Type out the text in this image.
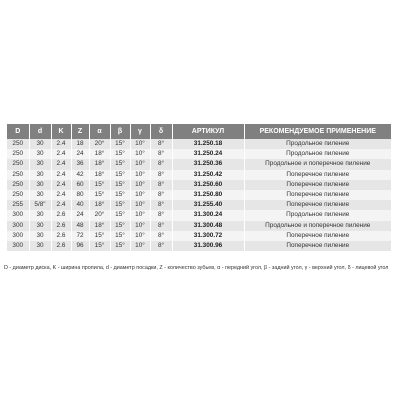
D	d	K	Z	α	β	γ	δ	АРТИКУЛ	РЕКОМЕНДУЕМОЕ ПРИМЕНЕНИЕ
250	30	2.4	18	20°	15°	10°	8°	31.250.18	Продольное пиление
250	30	2.4	24	18°	15°	10°	8°	31.250.24	Продольное пиление
250	30	2.4	36	18°	15°	10°	8°	31.250.36	Продольное и поперечное пиление
250	30	2.4	42	18°	15°	10°	8°	31.250.42	Поперечное пиление
250	30	2.4	60	15°	15°	10°	8°	31.250.60	Поперечное пиление
250	30	2.4	80	15°	15°	10°	8°	31.250.80	Поперечное пиление
255	5/8"	2.4	40	18°	15°	10°	8°	31.255.40	Поперечное пиление
300	30	2.6	24	20°	15°	10°	8°	31.300.24	Продольное пиление
300	30	2.6	48	18°	15°	10°	8°	31.300.48	Продольное и поперечное пиление
300	30	2.6	72	15°	15°	10°	8°	31.300.72	Поперечное пиление
300	30	2.6	96	15°	15°	10°	8°	31.300.96	Поперечное пиление
D - диаметр диска, K - ширина пропила, d - диаметр посадки, Z - количество зубьев, α - передний угол, β - задний угол, γ - верхний угол, δ - лицевой угол
